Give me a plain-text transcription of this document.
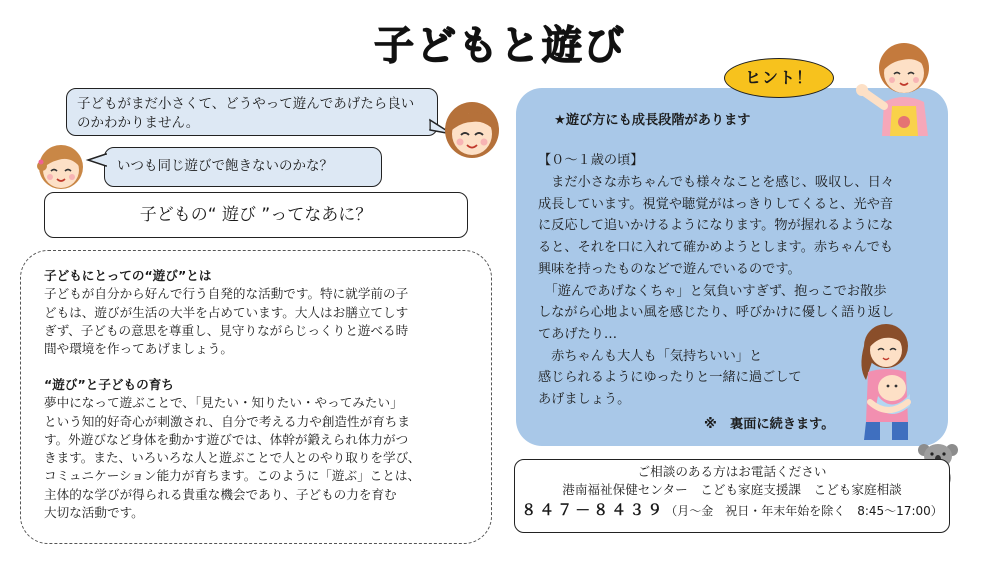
子どもと遊び
子どもがまだ小さくて、どうやって遊んであげたら良いのかわかりません。
いつも同じ遊びで飽きないのかな？
子どもの“ 遊び ”ってなあに？
子どもにとっての“遊び”とは
子どもが自分から好んで行う自発的な活動です。特に就学前の子
どもは、遊びが生活の大半を占めています。大人はお膳立てしす
ぎず、子どもの意思を尊重し、見守りながらじっくりと遊べる時
間や環境を作ってあげましょう。
“遊び”と子どもの育ち
夢中になって遊ぶことで、「見たい・知りたい・やってみたい」
という知的好奇心が刺激され、自分で考える力や創造性が育ちま
す。外遊びなど身体を動かす遊びでは、体幹が鍛えられ体力がつ
きます。また、いろいろな人と遊ぶことで人とのやり取りを学び、
コミュニケーション能力が育ちます。このように「遊ぶ」ことは、
主体的な学びが得られる貴重な機会であり、子どもの力を育む
大切な活動です。
ヒント！
★遊び方にも成長段階があります
【０～１歳の頃】

　まだ小さな赤ちゃんでも様々なことを感じ、吸収し、日々

成長しています。視覚や聴覚がはっきりしてくると、光や音

に反応して追いかけるようになります。物が握れるようにな

ると、それを口に入れて確かめようとします。赤ちゃんでも

興味を持ったものなどで遊んでいるのです。

　「遊んであげなくちゃ」と気負いすぎず、抱っこでお散歩

しながら心地よい風を感じたり、呼びかけに優しく語り返し

てあげたり…

　赤ちゃんも大人も「気持ちいい」と

感じられるようにゆったりと一緒に過ごして

あげましょう。

※　裏面に続きます。
ご相談のある方はお電話ください
港南福祉保健センター　こども家庭支援課　こども家庭相談
８４７－８４３９（月～金　祝日・年末年始を除く　8:45～17:00）
